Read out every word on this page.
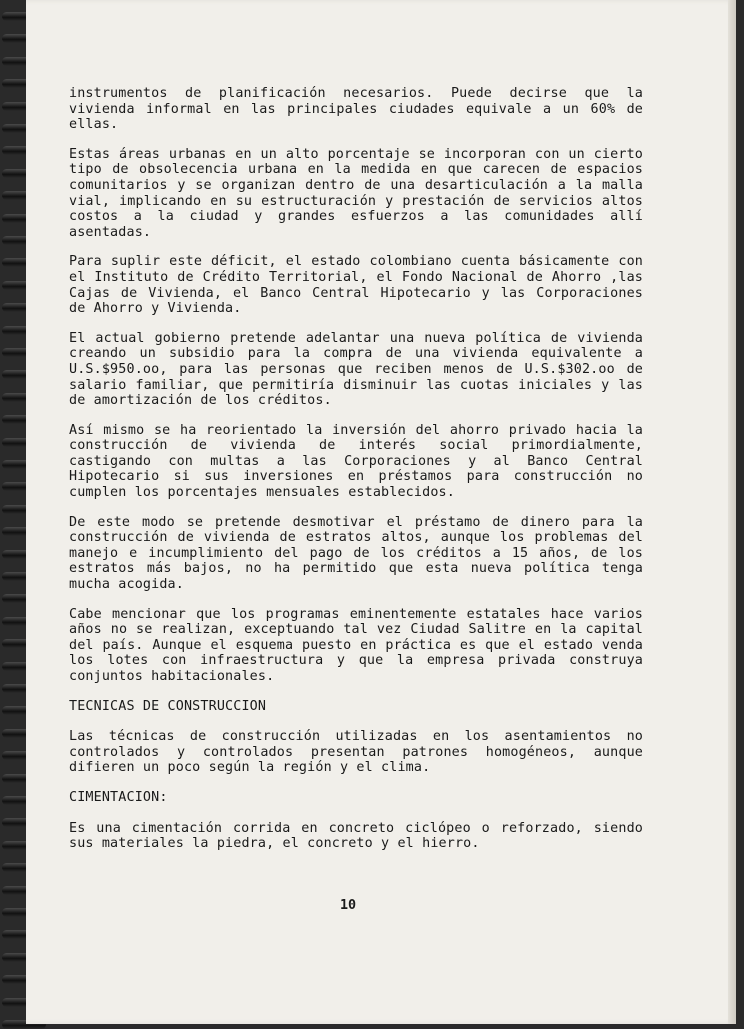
instrumentos de planificación necesarios. Puede decirse que la vivienda informal en las principales ciudades equivale a un 60% de ellas.

Estas áreas urbanas en un alto porcentaje se incorporan con un cierto tipo de obsolecencia urbana en la medida en que carecen de espacios comunitarios y se organizan dentro de una desarticulación a la malla vial, implicando en su estructuración y prestación de servicios altos costos a la ciudad y grandes esfuerzos a las comunidades allí asentadas.

Para suplir este déficit, el estado colombiano cuenta básicamente con el Instituto de Crédito Territorial, el Fondo Nacional de Ahorro ,las Cajas de Vivienda, el Banco Central Hipotecario y las Corporaciones de Ahorro y Vivienda.

El actual gobierno pretende adelantar una nueva política de vivienda creando un subsidio para la compra de una vivienda equivalente a U.S.$950.oo, para las personas que reciben menos de U.S.$302.oo de salario familiar, que permitiría disminuir las cuotas iniciales y las de amortización de los créditos.

Así mismo se ha reorientado la inversión del ahorro privado hacia la construcción de vivienda de interés social primordialmente, castigando con multas a las Corporaciones y al Banco Central Hipotecario si sus inversiones en préstamos para construcción no cumplen los porcentajes mensuales establecidos.

De este modo se pretende desmotivar el préstamo de dinero para la construcción de vivienda de estratos altos, aunque los problemas del manejo e incumplimiento del pago de los créditos a 15 años, de los estratos más bajos, no ha permitido que esta nueva política tenga mucha acogida.

Cabe mencionar que los programas eminentemente estatales hace varios años no se realizan, exceptuando tal vez Ciudad Salitre en la capital del país. Aunque el esquema puesto en práctica es que el estado venda los lotes con infraestructura y que la empresa privada construya conjuntos habitacionales.

TECNICAS DE CONSTRUCCION

Las técnicas de construcción utilizadas en los asentamientos no controlados y controlados presentan patrones homogéneos, aunque difieren un poco según la región y el clima.

CIMENTACION:

Es una cimentación corrida en concreto ciclópeo o reforzado, siendo sus materiales la piedra, el concreto y el hierro.

10
